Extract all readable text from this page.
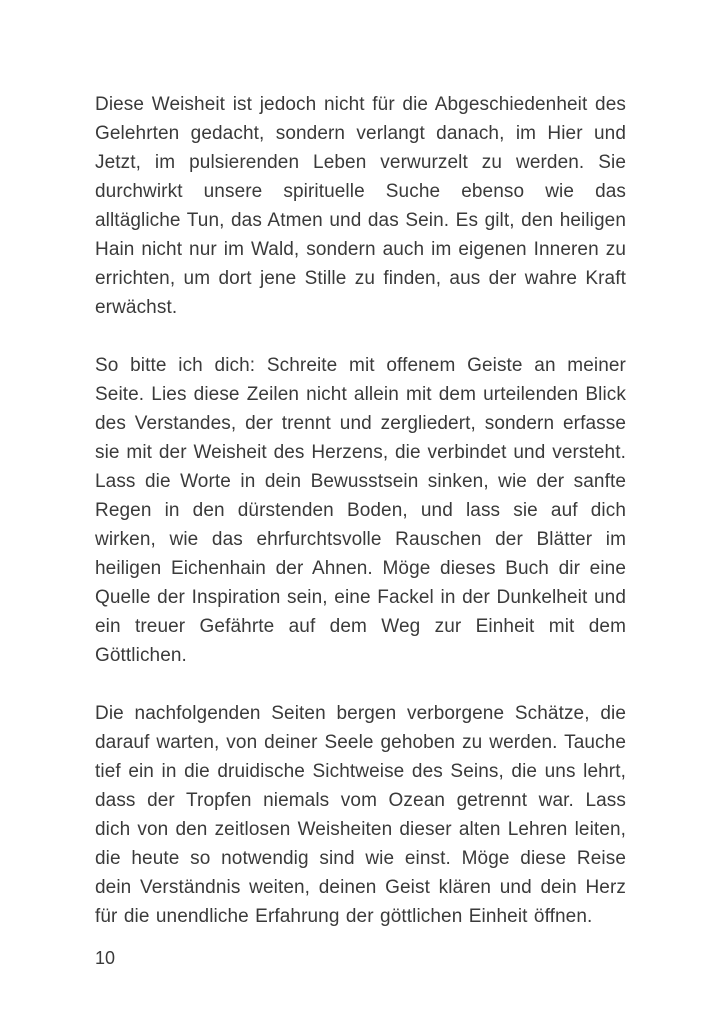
Diese Weisheit ist jedoch nicht für die Abgeschiedenheit des Gelehrten gedacht, sondern verlangt danach, im Hier und Jetzt, im pulsierenden Leben verwurzelt zu werden. Sie durchwirkt unsere spirituelle Suche ebenso wie das alltägliche Tun, das Atmen und das Sein. Es gilt, den heiligen Hain nicht nur im Wald, sondern auch im eigenen Inneren zu errichten, um dort jene Stille zu finden, aus der wahre Kraft erwächst.

So bitte ich dich: Schreite mit offenem Geiste an meiner Seite. Lies diese Zeilen nicht allein mit dem urteilenden Blick des Verstandes, der trennt und zergliedert, sondern erfasse sie mit der Weisheit des Herzens, die verbindet und versteht. Lass die Worte in dein Bewusstsein sinken, wie der sanfte Regen in den dürstenden Boden, und lass sie auf dich wirken, wie das ehrfurchtsvolle Rauschen der Blätter im heiligen Eichenhain der Ahnen. Möge dieses Buch dir eine Quelle der Inspiration sein, eine Fackel in der Dunkelheit und ein treuer Gefährte auf dem Weg zur Einheit mit dem Göttlichen.

Die nachfolgenden Seiten bergen verborgene Schätze, die darauf warten, von deiner Seele gehoben zu werden. Tauche tief ein in die druidische Sichtweise des Seins, die uns lehrt, dass der Tropfen niemals vom Ozean getrennt war. Lass dich von den zeitlosen Weisheiten dieser alten Lehren leiten, die heute so notwendig sind wie einst. Möge diese Reise dein Verständnis weiten, deinen Geist klären und dein Herz für die unendliche Erfahrung der göttlichen Einheit öffnen.

10
